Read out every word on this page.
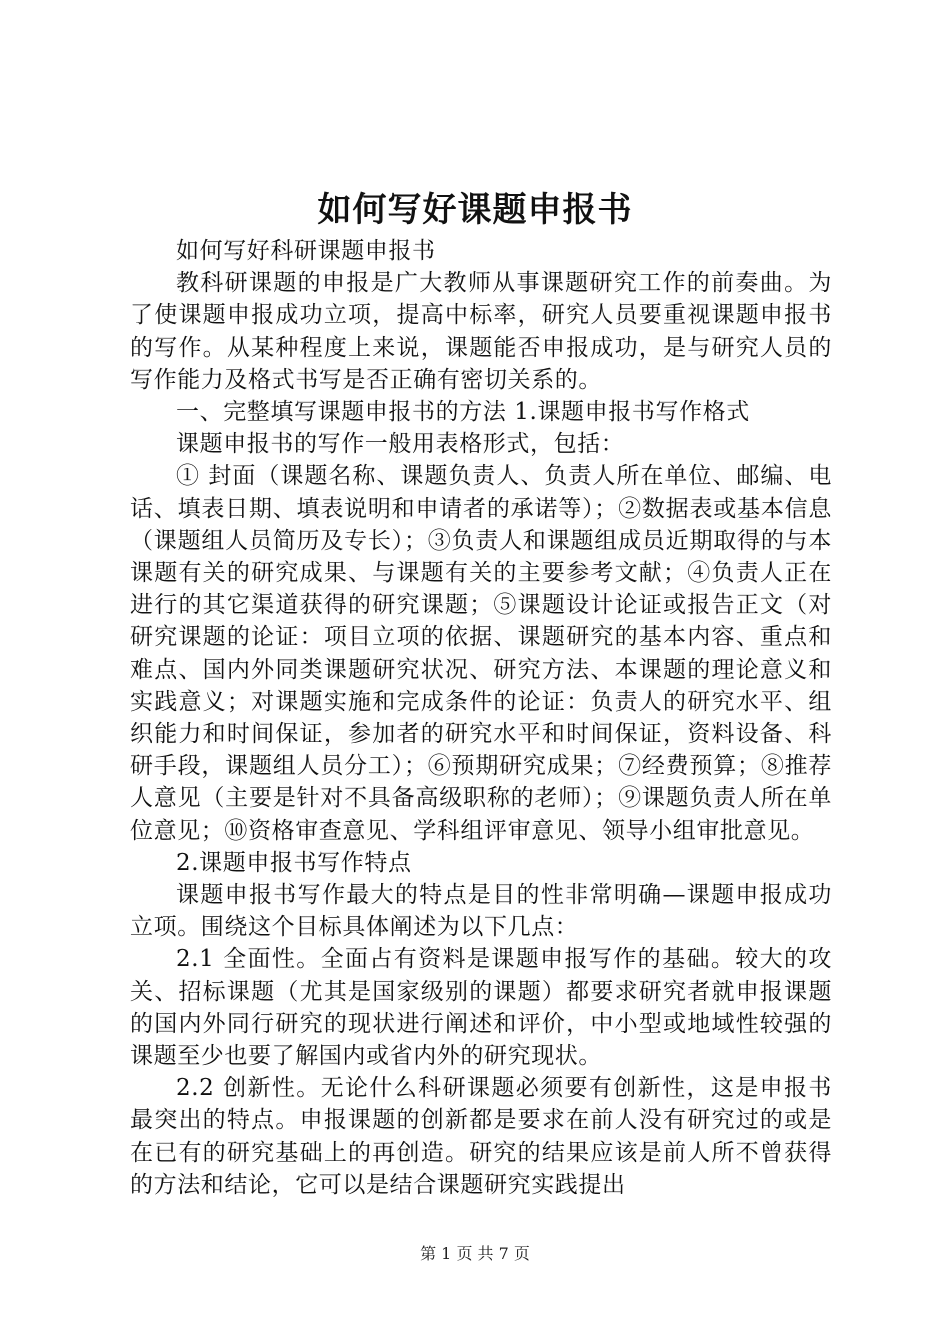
如何写好课题申报书

如何写好科研课题申报书

教科研课题的申报是广大教师从事课题研究工作的前奏曲。为了使课题申报成功立项，提高中标率，研究人员要重视课题申报书的写作。从某种程度上来说，课题能否申报成功，是与研究人员的写作能力及格式书写是否正确有密切关系的。

一、完整填写课题申报书的方法 1.课题申报书写作格式

课题申报书的写作一般用表格形式，包括：

① 封面（课题名称、课题负责人、负责人所在单位、邮编、电话、填表日期、填表说明和申请者的承诺等）；②数据表或基本信息（课题组人员简历及专长）；③负责人和课题组成员近期取得的与本课题有关的研究成果、与课题有关的主要参考文献；④负责人正在进行的其它渠道获得的研究课题；⑤课题设计论证或报告正文（对研究课题的论证：项目立项的依据、课题研究的基本内容、重点和难点、国内外同类课题研究状况、研究方法、本课题的理论意义和实践意义；对课题实施和完成条件的论证：负责人的研究水平、组织能力和时间保证，参加者的研究水平和时间保证，资料设备、科研手段，课题组人员分工）；⑥预期研究成果；⑦经费预算；⑧推荐人意见（主要是针对不具备高级职称的老师）；⑨课题负责人所在单位意见；⑩资格审查意见、学科组评审意见、领导小组审批意见。

2.课题申报书写作特点

课题申报书写作最大的特点是目的性非常明确—课题申报成功立项。围绕这个目标具体阐述为以下几点：

2.1 全面性。全面占有资料是课题申报写作的基础。较大的攻关、招标课题（尤其是国家级别的课题）都要求研究者就申报课题的国内外同行研究的现状进行阐述和评价，中小型或地域性较强的课题至少也要了解国内或省内外的研究现状。

2.2 创新性。无论什么科研课题必须要有创新性，这是申报书最突出的特点。申报课题的创新都是要求在前人没有研究过的或是在已有的研究基础上的再创造。研究的结果应该是前人所不曾获得的方法和结论，它可以是结合课题研究实践提出

第 1 页 共 7 页
